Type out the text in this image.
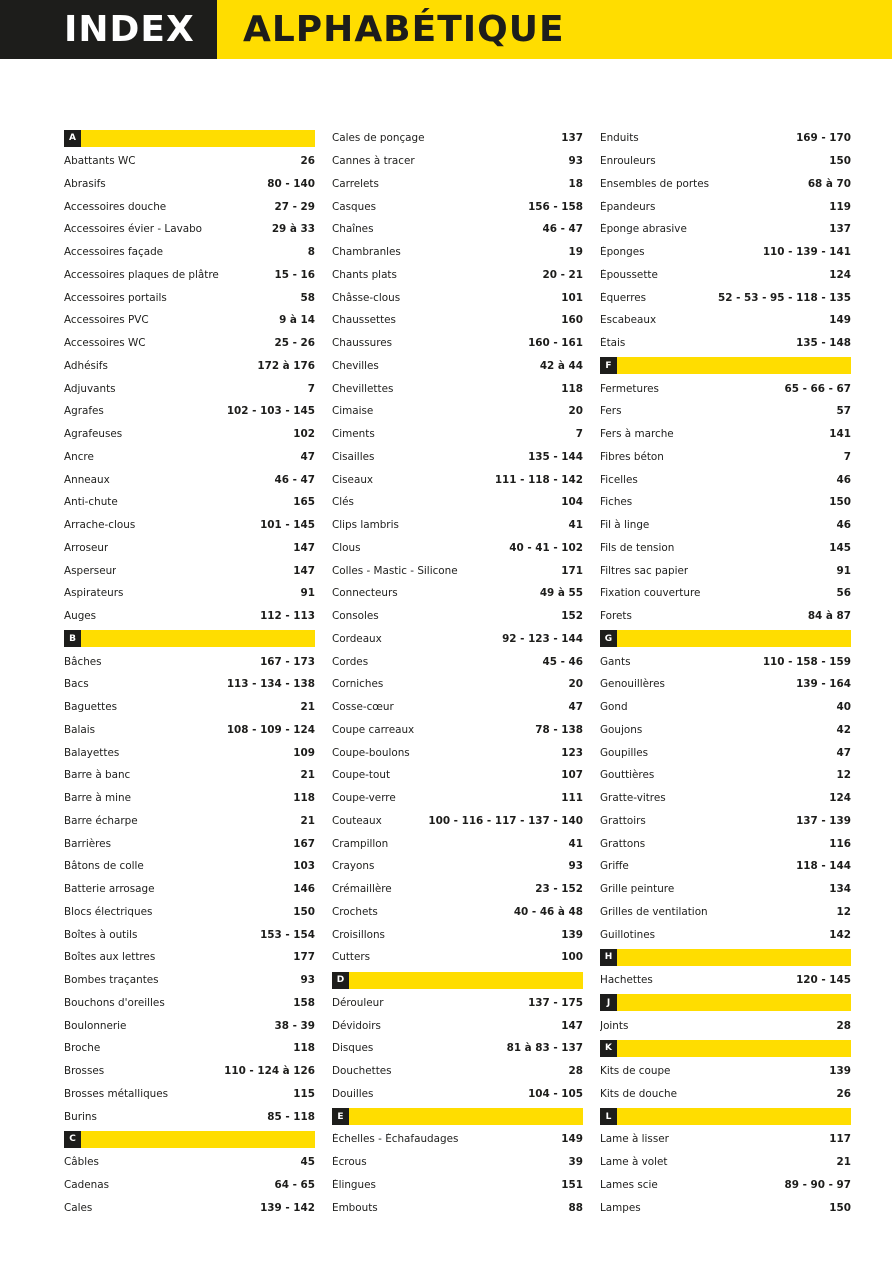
INDEX	ALPHABÉTIQUE
A
Abattants WC	26
Abrasifs	80 - 140
Accessoires douche	27 - 29
Accessoires évier - Lavabo	29 à 33
Accessoires façade	8
Accessoires plaques de plâtre	15 - 16
Accessoires portails	58
Accessoires PVC	9 à 14
Accessoires WC	25 - 26
Adhésifs	172 à 176
Adjuvants	7
Agrafes	102 - 103 - 145
Agrafeuses	102
Ancre	47
Anneaux	46 - 47
Anti-chute	165
Arrache-clous	101 - 145
Arroseur	147
Asperseur	147
Aspirateurs	91
Auges	112 - 113
B
Bâches	167 - 173
Bacs	113 - 134 - 138
Baguettes	21
Balais	108 - 109 - 124
Balayettes	109
Barre à banc	21
Barre à mine	118
Barre écharpe	21
Barrières	167
Bâtons de colle	103
Batterie arrosage	146
Blocs électriques	150
Boîtes à outils	153 - 154
Boîtes aux lettres	177
Bombes traçantes	93
Bouchons d'oreilles	158
Boulonnerie	38 - 39
Broche	118
Brosses	110 - 124 à 126
Brosses métalliques	115
Burins	85 - 118
C
Câbles	45
Cadenas	64 - 65
Cales	139 - 142
Cales de ponçage	137
Cannes à tracer	93
Carrelets	18
Casques	156 - 158
Chaînes	46 - 47
Chambranles	19
Chants plats	20 - 21
Châsse-clous	101
Chaussettes	160
Chaussures	160 - 161
Chevilles	42 à 44
Chevillettes	118
Cimaise	20
Ciments	7
Cisailles	135 - 144
Ciseaux	111 - 118 - 142
Clés	104
Clips lambris	41
Clous	40 - 41 - 102
Colles - Mastic - Silicone	171
Connecteurs	49 à 55
Consoles	152
Cordeaux	92 - 123 - 144
Cordes	45 - 46
Corniches	20
Cosse-cœur	47
Coupe carreaux	78 - 138
Coupe-boulons	123
Coupe-tout	107
Coupe-verre	111
Couteaux	100 - 116 - 117 - 137 - 140
Crampillon	41
Crayons	93
Crémaillère	23 - 152
Crochets	40 - 46 à 48
Croisillons	139
Cutters	100
D
Dérouleur	137 - 175
Dévidoirs	147
Disques	81 à 83 - 137
Douchettes	28
Douilles	104 - 105
E
Échelles - Échafaudages	149
Écrous	39
Élingues	151
Embouts	88
Enduits	169 - 170
Enrouleurs	150
Ensembles de portes	68 à 70
Épandeurs	119
Éponge abrasive	137
Éponges	110 - 139 - 141
Époussette	124
Équerres	52 - 53 - 95 - 118 - 135
Escabeaux	149
Étais	135 - 148
F
Fermetures	65 - 66 - 67
Fers	57
Fers à marche	141
Fibres béton	7
Ficelles	46
Fiches	150
Fil à linge	46
Fils de tension	145
Filtres sac papier	91
Fixation couverture	56
Forets	84 à 87
G
Gants	110 - 158 - 159
Genouillères	139 - 164
Gond	40
Goujons	42
Goupilles	47
Gouttières	12
Gratte-vitres	124
Grattoirs	137 - 139
Grattons	116
Griffe	118 - 144
Grille peinture	134
Grilles de ventilation	12
Guillotines	142
H
Hachettes	120 - 145
J
Joints	28
K
Kits de coupe	139
Kits de douche	26
L
Lame à lisser	117
Lame à volet	21
Lames scie	89 - 90 - 97
Lampes	150
